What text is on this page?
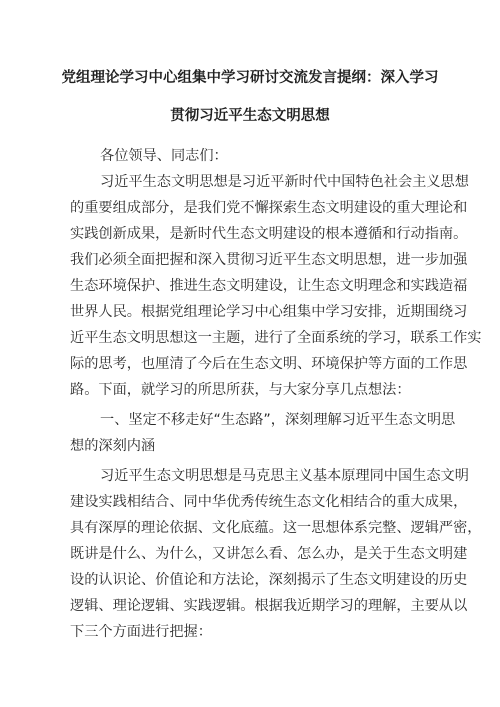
党组理论学习中心组集中学习研讨交流发言提纲：深入学习
贯彻习近平生态文明思想
各位领导、同志们：
习近平生态文明思想是习近平新时代中国特色社会主义思想
的重要组成部分，是我们党不懈探索生态文明建设的重大理论和
实践创新成果，是新时代生态文明建设的根本遵循和行动指南。
我们必须全面把握和深入贯彻习近平生态文明思想，进一步加强
生态环境保护、推进生态文明建设，让生态文明理念和实践造福
世界人民。根据党组理论学习中心组集中学习安排，近期围绕习
近平生态文明思想这一主题，进行了全面系统的学习，联系工作实
际的思考，也厘清了今后在生态文明、环境保护等方面的工作思
路。下面，就学习的所思所获，与大家分享几点想法：
一、坚定不移走好“生态路”，深刻理解习近平生态文明思
想的深刻内涵
习近平生态文明思想是马克思主义基本原理同中国生态文明
建设实践相结合、同中华优秀传统生态文化相结合的重大成果，
具有深厚的理论依据、文化底蕴。这一思想体系完整、逻辑严密，
既讲是什么、为什么，又讲怎么看、怎么办，是关于生态文明建
设的认识论、价值论和方法论，深刻揭示了生态文明建设的历史
逻辑、理论逻辑、实践逻辑。根据我近期学习的理解，主要从以
下三个方面进行把握：
